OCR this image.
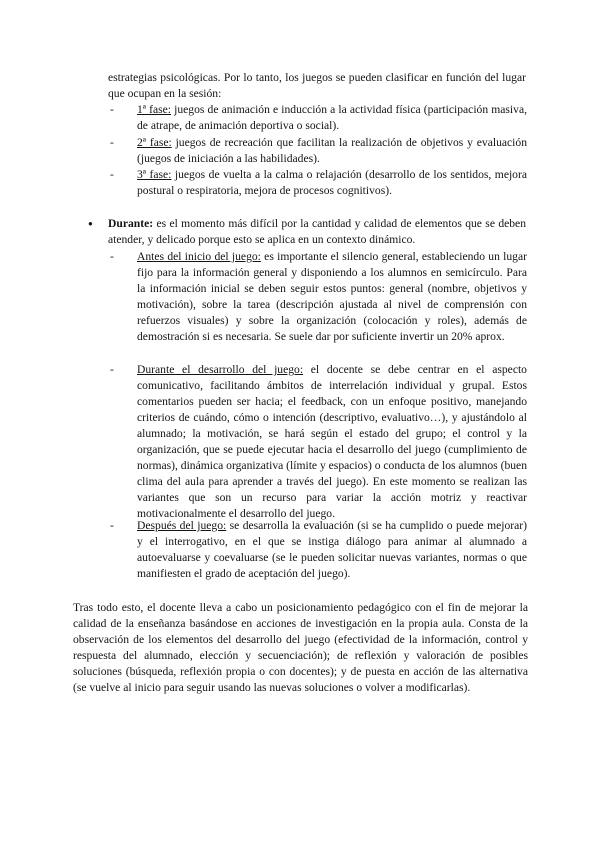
estrategias psicológicas. Por lo tanto, los juegos se pueden clasificar en función del lugar que ocupan en la sesión:

- 1ª fase: juegos de animación e inducción a la actividad física (participación masiva, de atrape, de animación deportiva o social).

- 2ª fase: juegos de recreación que facilitan la realización de objetivos y evaluación (juegos de iniciación a las habilidades).

- 3ª fase: juegos de vuelta a la calma o relajación (desarrollo de los sentidos, mejora postural o respiratoria, mejora de procesos cognitivos).

● Durante: es el momento más difícil por la cantidad y calidad de elementos que se deben atender, y delicado porque esto se aplica en un contexto dinámico.

- Antes del inicio del juego: es importante el silencio general, estableciendo un lugar fijo para la información general y disponiendo a los alumnos en semicírculo. Para la información inicial se deben seguir estos puntos: general (nombre, objetivos y motivación), sobre la tarea (descripción ajustada al nivel de comprensión con refuerzos visuales) y sobre la organización (colocación y roles), además de demostración si es necesaria. Se suele dar por suficiente invertir un 20% aprox.

- Durante el desarrollo del juego: el docente se debe centrar en el aspecto comunicativo, facilitando ámbitos de interrelación individual y grupal. Estos comentarios pueden ser hacia; el feedback, con un enfoque positivo, manejando criterios de cuándo, cómo o intención (descriptivo, evaluativo…), y ajustándolo al alumnado; la motivación, se hará según el estado del grupo; el control y la organización, que se puede ejecutar hacia el desarrollo del juego (cumplimiento de normas), dinámica organizativa (límite y espacios) o conducta de los alumnos (buen clima del aula para aprender a través del juego). En este momento se realizan las variantes que son un recurso para variar la acción motriz y reactivar motivacionalmente el desarrollo del juego.

- Después del juego: se desarrolla la evaluación (si se ha cumplido o puede mejorar) y el interrogativo, en el que se instiga diálogo para animar al alumnado a autoevaluarse y coevaluarse (se le pueden solicitar nuevas variantes, normas o que manifiesten el grado de aceptación del juego).

Tras todo esto, el docente lleva a cabo un posicionamiento pedagógico con el fin de mejorar la calidad de la enseñanza basándose en acciones de investigación en la propia aula. Consta de la observación de los elementos del desarrollo del juego (efectividad de la información, control y respuesta del alumnado, elección y secuenciación); de reflexión y valoración de posibles soluciones (búsqueda, reflexión propia o con docentes); y de puesta en acción de las alternativa (se vuelve al inicio para seguir usando las nuevas soluciones o volver a modificarlas).
